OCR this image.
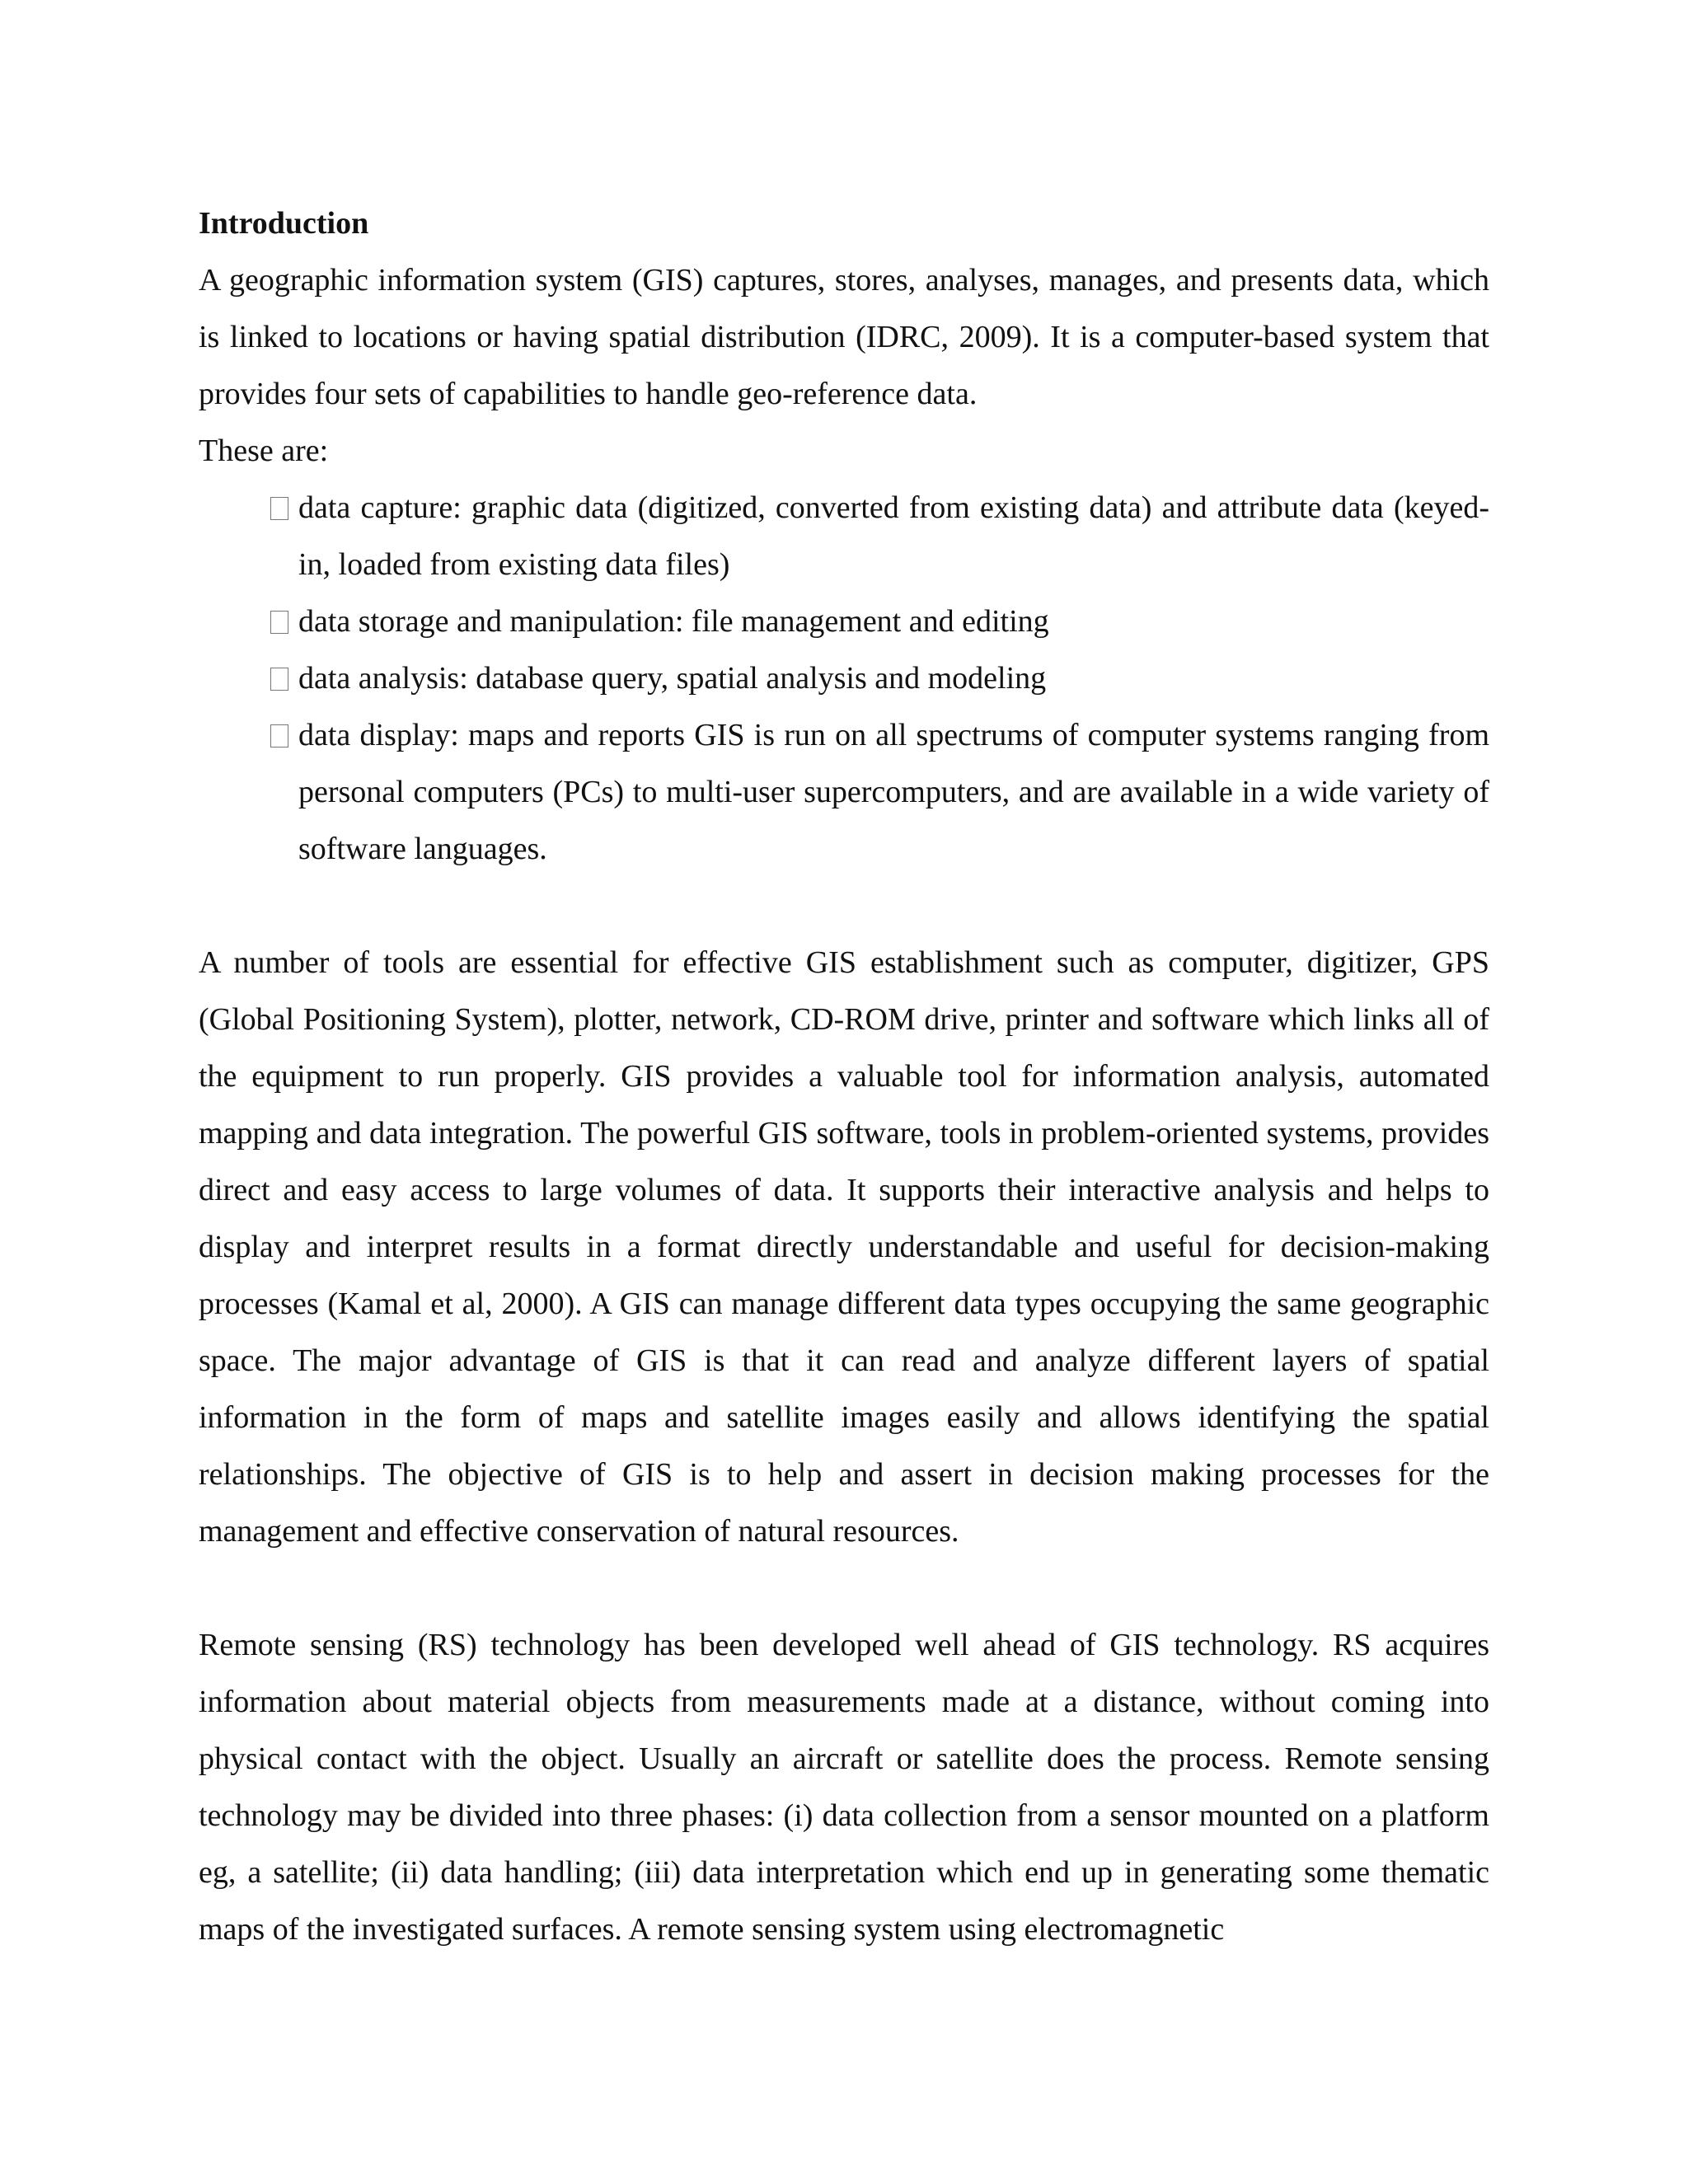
Introduction

A geographic information system (GIS) captures, stores, analyses, manages, and presents data, which is linked to locations or having spatial distribution (IDRC, 2009). It is a computer-based system that provides four sets of capabilities to handle geo-reference data.

These are:
data capture: graphic data (digitized, converted from existing data) and attribute data (keyed-in, loaded from existing data files)
data storage and manipulation: file management and editing
data analysis: database query, spatial analysis and modeling
data display: maps and reports GIS is run on all spectrums of computer systems ranging from personal computers (PCs) to multi-user supercomputers, and are available in a wide variety of software languages.

A number of tools are essential for effective GIS establishment such as computer, digitizer, GPS (Global Positioning System), plotter, network, CD-ROM drive, printer and software which links all of the equipment to run properly. GIS provides a valuable tool for information analysis, automated mapping and data integration. The powerful GIS software, tools in problem-oriented systems, provides direct and easy access to large volumes of data. It supports their interactive analysis and helps to display and interpret results in a format directly understandable and useful for decision-making processes (Kamal et al, 2000). A GIS can manage different data types occupying the same geographic space. The major advantage of GIS is that it can read and analyze different layers of spatial information in the form of maps and satellite images easily and allows identifying the spatial relationships. The objective of GIS is to help and assert in decision making processes for the management and effective conservation of natural resources.

Remote sensing (RS) technology has been developed well ahead of GIS technology. RS acquires information about material objects from measurements made at a distance, without coming into physical contact with the object. Usually an aircraft or satellite does the process. Remote sensing technology may be divided into three phases: (i) data collection from a sensor mounted on a platform eg, a satellite; (ii) data handling; (iii) data interpretation which end up in generating some thematic maps of the investigated surfaces. A remote sensing system using electromagnetic
